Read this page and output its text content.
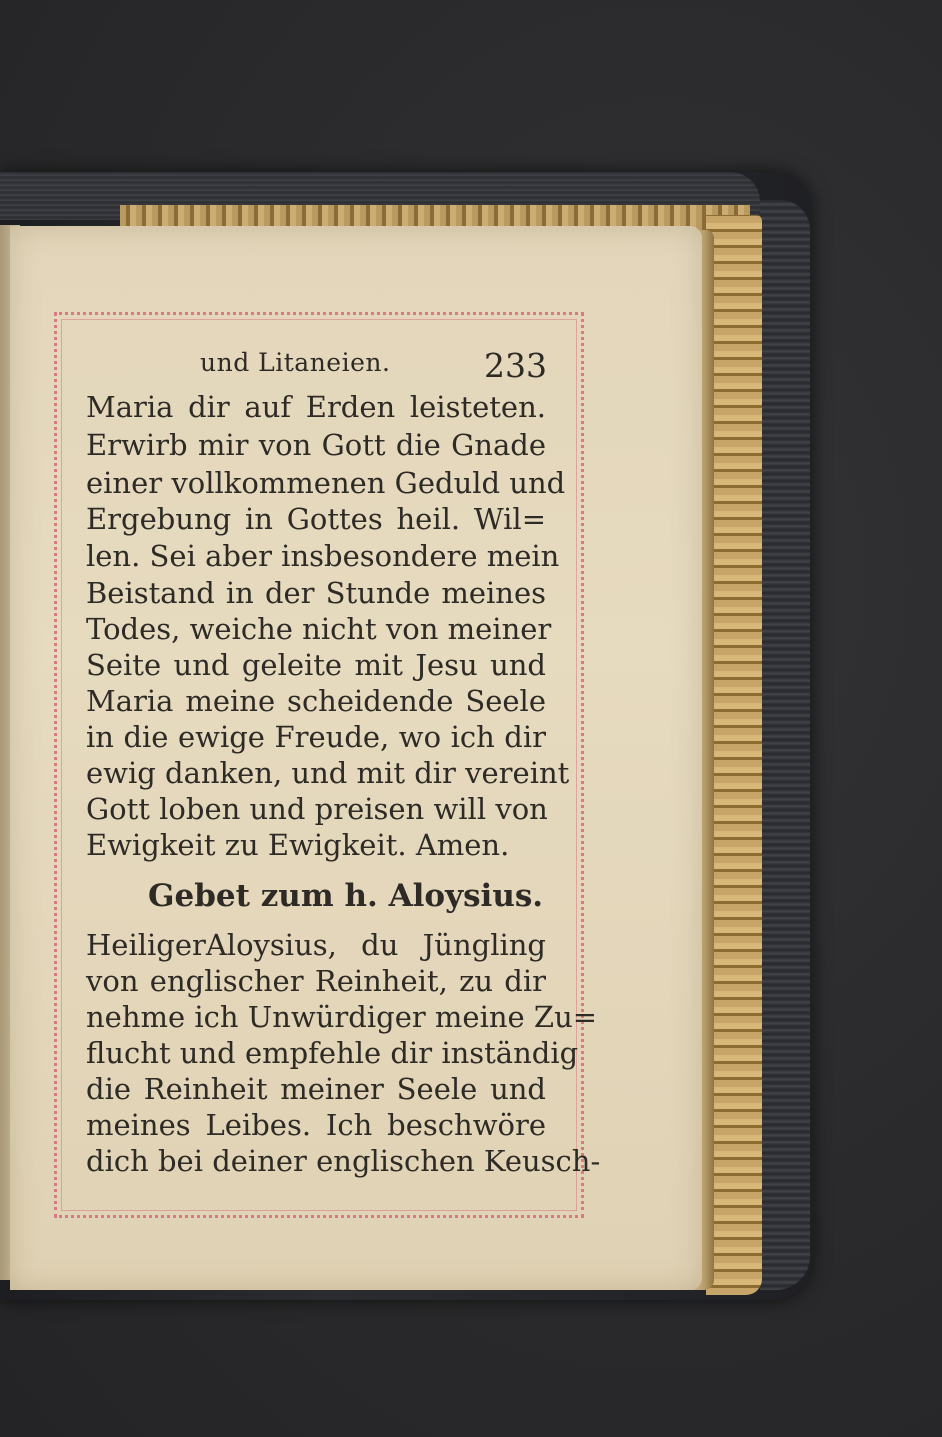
und Litaneien.	233
Maria dir auf Erden leisteten.
Erwirb mir von Gott die Gnade
einer vollkommenen Geduld und
Ergebung in Gottes heil. Wil=
len. Sei aber insbesondere mein
Beistand in der Stunde meines
Todes, weiche nicht von meiner
Seite und geleite mit Jesu und
Maria meine scheidende Seele
in die ewige Freude, wo ich dir
ewig danken, und mit dir vereint
Gott loben und preisen will von
Ewigkeit zu Ewigkeit. Amen.
Gebet zum h. Aloysius.
HeiligerAloysius, du Jüngling
von englischer Reinheit, zu dir
nehme ich Unwürdiger meine Zu=
flucht und empfehle dir inständig
die Reinheit meiner Seele und
meines Leibes. Ich beschwöre
dich bei deiner englischen Keusch-
